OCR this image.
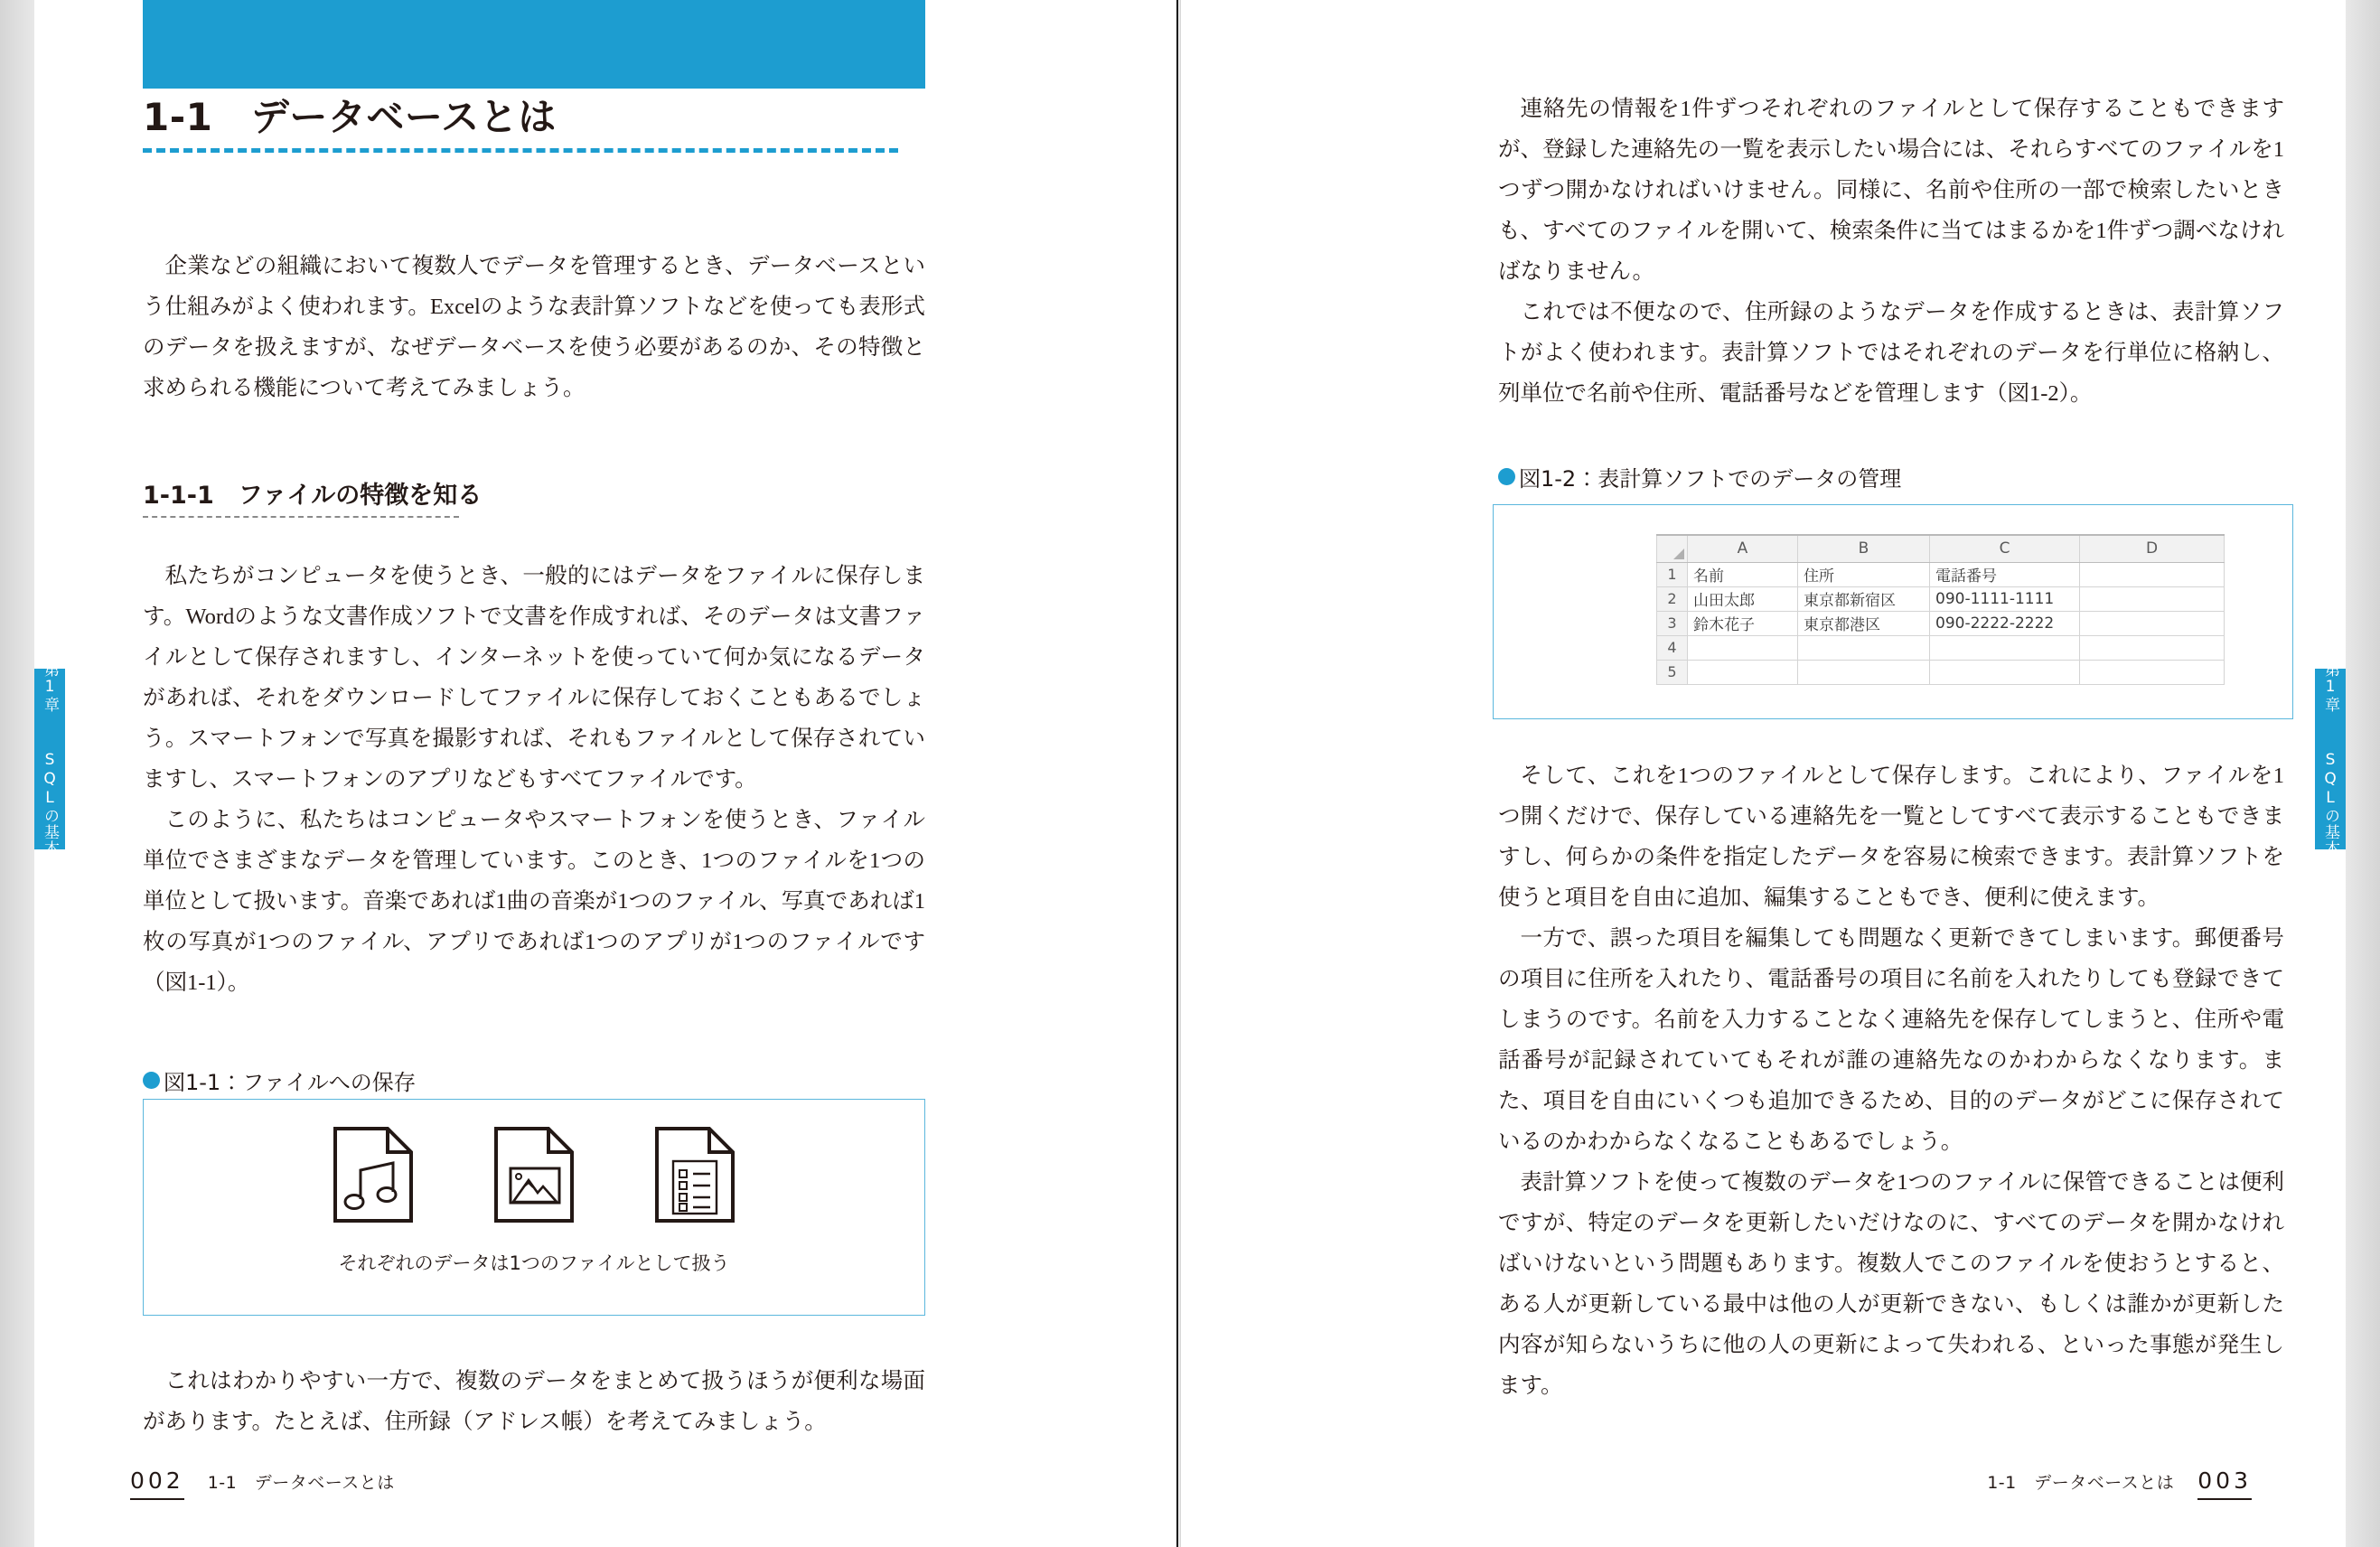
1-1　データベースとは

企業などの組織において複数人でデータを管理するとき、データベースという仕組みがよく使われます。Excelのような表計算ソフトなどを使っても表形式のデータを扱えますが、なぜデータベースを使う必要があるのか、その特徴と求められる機能について考えてみましょう。

1-1-1　ファイルの特徴を知る

私たちがコンピュータを使うとき、一般的にはデータをファイルに保存します。Wordのような文書作成ソフトで文書を作成すれば、そのデータは文書ファイルとして保存されますし、インターネットを使っていて何か気になるデータがあれば、それをダウンロードしてファイルに保存しておくこともあるでしょう。スマートフォンで写真を撮影すれば、それもファイルとして保存されていますし、スマートフォンのアプリなどもすべてファイルです。

このように、私たちはコンピュータやスマートフォンを使うとき、ファイル単位でさまざまなデータを管理しています。このとき、1つのファイルを1つの単位として扱います。音楽であれば1曲の音楽が1つのファイル、写真であれば1枚の写真が1つのファイル、アプリであれば1つのアプリが1つのファイルです（図1-1）。

図1-1：ファイルへの保存
それぞれのデータは1つのファイルとして扱う

これはわかりやすい一方で、複数のデータをまとめて扱うほうが便利な場面があります。たとえば、住所録（アドレス帳）を考えてみましょう。

002 1-1　データベースとは	1-1　データベースとは 003

連絡先の情報を1件ずつそれぞれのファイルとして保存することもできますが、登録した連絡先の一覧を表示したい場合には、それらすべてのファイルを1つずつ開かなければいけません。同様に、名前や住所の一部で検索したいときも、すべてのファイルを開いて、検索条件に当てはまるかを1件ずつ調べなければなりません。

これでは不便なので、住所録のようなデータを作成するときは、表計算ソフトがよく使われます。表計算ソフトではそれぞれのデータを行単位に格納し、列単位で名前や住所、電話番号などを管理します（図1-2）。

図1-2：表計算ソフトでのデータの管理
	A	B	C	D
1	名前	住所	電話番号	
2	山田太郎	東京都新宿区	090-1111-1111	
3	鈴木花子	東京都港区	090-2222-2222	
4				
5				

そして、これを1つのファイルとして保存します。これにより、ファイルを1つ開くだけで、保存している連絡先を一覧としてすべて表示することもできますし、何らかの条件を指定したデータを容易に検索できます。表計算ソフトを使うと項目を自由に追加、編集することもでき、便利に使えます。

一方で、誤った項目を編集しても問題なく更新できてしまいます。郵便番号の項目に住所を入れたり、電話番号の項目に名前を入れたりしても登録できてしまうのです。名前を入力することなく連絡先を保存してしまうと、住所や電話番号が記録されていてもそれが誰の連絡先なのかわからなくなります。また、項目を自由にいくつも追加できるため、目的のデータがどこに保存されているのかわからなくなることもあるでしょう。

表計算ソフトを使って複数のデータを1つのファイルに保管できることは便利ですが、特定のデータを更新したいだけなのに、すべてのデータを開かなければいけないという問題もあります。複数人でこのファイルを使おうとすると、ある人が更新している最中は他の人が更新できない、もしくは誰かが更新した内容が知らないうちに他の人の更新によって失われる、といった事態が発生します。

第1章  SQLの基本	第1章  SQLの基本
